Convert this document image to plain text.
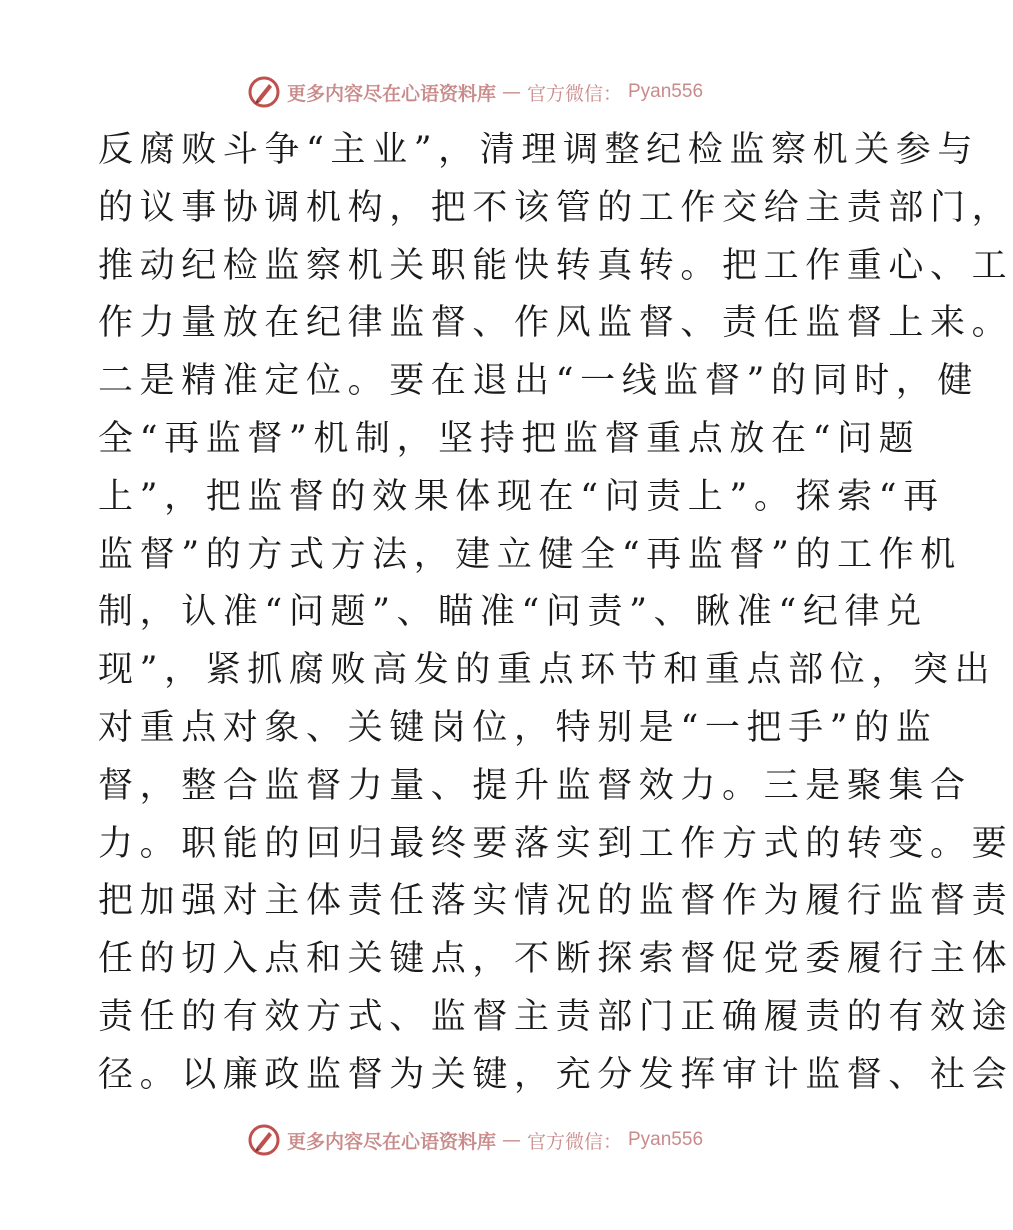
更多内容尽在心语资料库 — 官方微信： Pyan556
反腐败斗争“主业”，清理调整纪检监察机关参与
的议事协调机构，把不该管的工作交给主责部门，
推动纪检监察机关职能快转真转。把工作重心、工
作力量放在纪律监督、作风监督、责任监督上来。
二是精准定位。要在退出“一线监督”的同时，健
全“再监督”机制，坚持把监督重点放在“问题
上”，把监督的效果体现在“问责上”。探索“再
监督”的方式方法，建立健全“再监督”的工作机
制，认准“问题”、瞄准“问责”、瞅准“纪律兑
现”，紧抓腐败高发的重点环节和重点部位，突出
对重点对象、关键岗位，特别是“一把手”的监
督，整合监督力量、提升监督效力。三是聚集合
力。职能的回归最终要落实到工作方式的转变。要
把加强对主体责任落实情况的监督作为履行监督责
任的切入点和关键点，不断探索督促党委履行主体
责任的有效方式、监督主责部门正确履责的有效途
径。以廉政监督为关键，充分发挥审计监督、社会
更多内容尽在心语资料库 — 官方微信： Pyan556
